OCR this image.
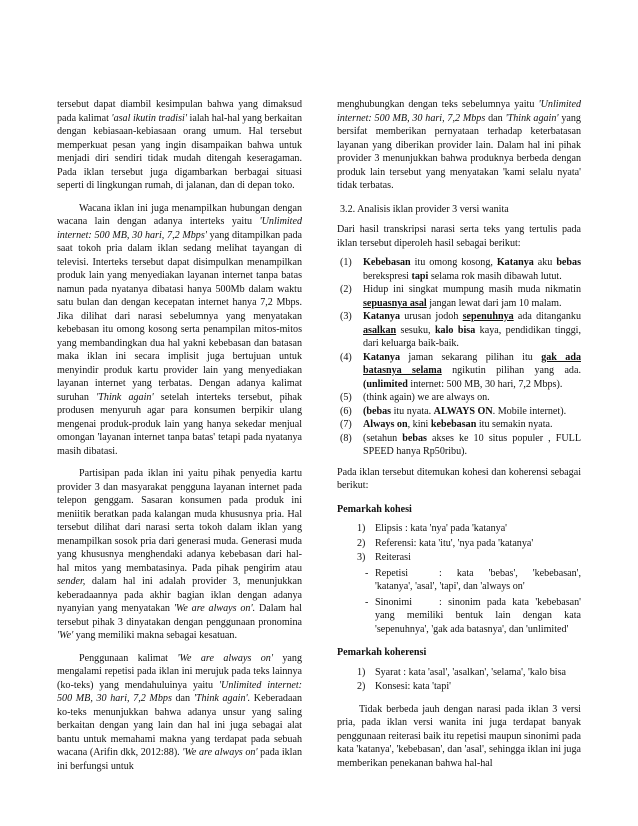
tersebut dapat diambil kesimpulan bahwa yang dimaksud pada kalimat 'asal ikutin tradisi' ialah hal-hal yang berkaitan dengan kebiasaan-kebiasaan orang umum. Hal tersebut memperkuat pesan yang ingin disampaikan bahwa untuk menjadi diri sendiri tidak mudah ditengah keseragaman. Pada iklan tersebut juga digambarkan berbagai situasi seperti di lingkungan rumah, di jalanan, dan di depan toko.

Wacana iklan ini juga menampilkan hubungan dengan wacana lain dengan adanya interteks yaitu 'Unlimited internet: 500 MB, 30 hari, 7,2 Mbps' yang ditampilkan pada saat tokoh pria dalam iklan sedang melihat tayangan di televisi. Interteks tersebut dapat disimpulkan menampilkan produk lain yang menyediakan layanan internet tanpa batas namun pada nyatanya dibatasi hanya 500Mb dalam waktu satu bulan dan dengan kecepatan internet hanya 7,2 Mbps. Jika dilihat dari narasi sebelumnya yang menyatakan kebebasan itu omong kosong serta penampilan mitos-mitos yang membandingkan dua hal yakni kebebasan dan batasan maka iklan ini secara implisit juga bertujuan untuk menyindir produk kartu provider lain yang menyediakan layanan internet yang terbatas. Dengan adanya kalimat suruhan 'Think again' setelah interteks tersebut, pihak produsen menyuruh agar para konsumen berpikir ulang mengenai produk-produk lain yang hanya sekedar menjual omongan 'layanan internet tanpa batas' tetapi pada nyatanya masih dibatasi.

Partisipan pada iklan ini yaitu pihak penyedia kartu provider 3 dan masyarakat pengguna layanan internet pada telepon genggam. Sasaran konsumen pada produk ini meniitik beratkan pada kalangan muda khususnya pria. Hal tersebut dilihat dari narasi serta tokoh dalam iklan yang menampilkan sosok pria dari generasi muda. Generasi muda yang khususnya menghendaki adanya kebebasan dari hal-hal mitos yang membatasinya. Pada pihak pengirim atau sender, dalam hal ini adalah provider 3, menunjukkan keberadaannya pada akhir bagian iklan dengan adanya nyanyian yang menyatakan 'We are always on'. Dalam hal tersebut pihak 3 dinyatakan dengan penggunaan pronomina 'We' yang memiliki makna sebagai kesatuan.

Penggunaan kalimat 'We are always on' yang mengalami repetisi pada iklan ini merujuk pada teks lainnya (ko-teks) yang mendahuluinya yaitu 'Unlimited internet: 500 MB, 30 hari, 7,2 Mbps dan 'Think again'. Keberadaan ko-teks menunjukkan bahwa adanya unsur yang saling berkaitan dengan yang lain dan hal ini juga sebagai alat bantu untuk memahami makna yang terdapat pada sebuah wacana (Arifin dkk, 2012:88). 'We are always on' pada iklan ini berfungsi untuk

menghubungkan dengan teks sebelumnya yaitu 'Unlimited internet: 500 MB, 30 hari, 7,2 Mbps dan 'Think again' yang bersifat memberikan pernyataan terhadap keterbatasan layanan yang diberikan provider lain. Dalam hal ini pihak provider 3 menunjukkan bahwa produknya berbeda dengan produk lain tersebut yang menyatakan 'kami selalu nyata' tidak terbatas.

3.2. Analisis iklan provider 3 versi wanita

Dari hasil transkripsi narasi serta teks yang tertulis pada iklan tersebut diperoleh hasil sebagai berikut:

(1) Kebebasan itu omong kosong, Katanya aku bebas berekspresi tapi selama rok masih dibawah lutut.
(2) Hidup ini singkat mumpung masih muda nikmatin sepuasnya asal jangan lewat dari jam 10 malam.
(3) Katanya urusan jodoh sepenuhnya ada ditanganku asalkan sesuku, kalo bisa kaya, pendidikan tinggi, dari keluarga baik-baik.
(4) Katanya jaman sekarang pilihan itu gak ada batasnya selama ngikutin pilihan yang ada. (unlimited internet: 500 MB, 30 hari, 7,2 Mbps).
(5) (think again) we are always on.
(6) (bebas itu nyata. ALWAYS ON. Mobile internet).
(7) Always on, kini kebebasan itu semakin nyata.
(8) (setahun bebas akses ke 10 situs populer , FULL SPEED hanya Rp50ribu).

Pada iklan tersebut ditemukan kohesi dan koherensi sebagai berikut:

Pemarkah kohesi

1) Elipsis : kata 'nya' pada 'katanya'
2) Referensi: kata 'itu', 'nya pada 'katanya'
3) Reiterasi
- Repetisi	: kata 'bebas', 'kebebasan', 'katanya', 'asal', 'tapi', dan 'always on'
- Sinonimi	: sinonim pada kata 'kebebasan' yang memiliki bentuk lain dengan kata 'sepenuhnya', 'gak ada batasnya', dan 'unlimited'

Pemarkah koherensi

1) Syarat : kata 'asal', 'asalkan', 'selama', 'kalo bisa
2) Konsesi: kata 'tapi'

Tidak berbeda jauh dengan narasi pada iklan 3 versi pria, pada iklan versi wanita ini juga terdapat banyak penggunaan reiterasi baik itu repetisi maupun sinonimi pada kata 'katanya', 'kebebasan', dan 'asal', sehingga iklan ini juga memberikan penekanan bahwa hal-hal
